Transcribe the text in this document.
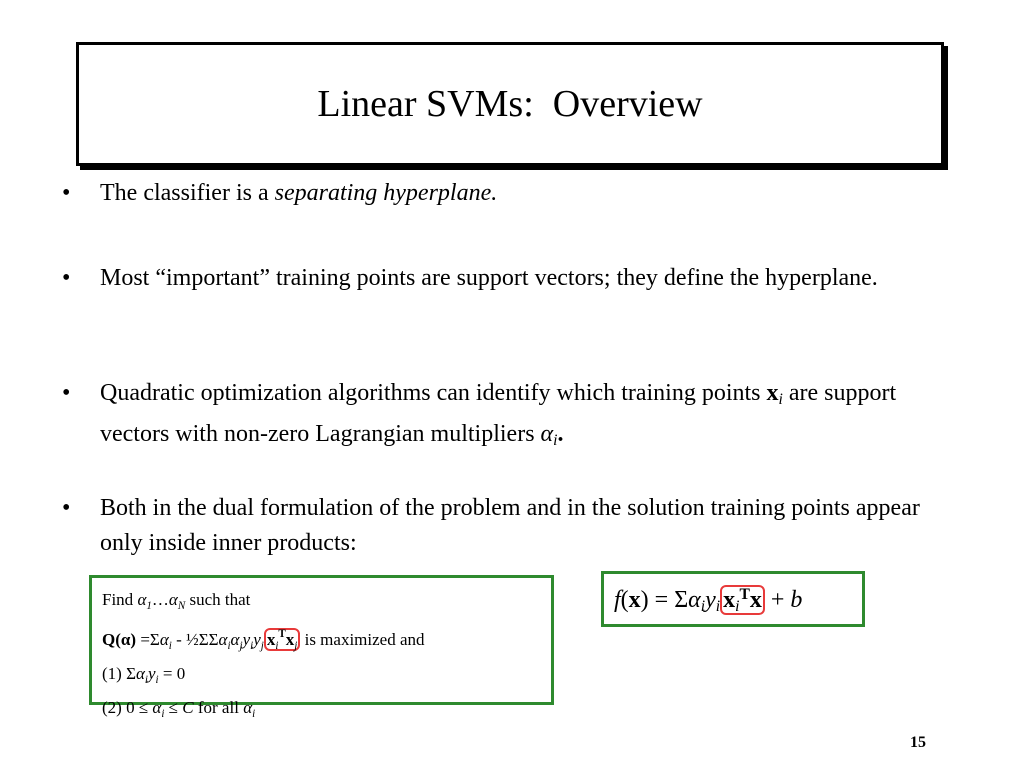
Linear SVMs:  Overview
• The classifier is a separating hyperplane.
• Most “important” training points are support vectors; they define the hyperplane.
• Quadratic optimization algorithms can identify which training points $x_i$ are support vectors with non-zero Lagrangian multipliers $\alpha_i$.
• Both in the dual formulation of the problem and in the solution training points appear only inside inner products:
Find $\alpha_1\dots\alpha_N$ such that
$Q(\alpha) =\Sigma\alpha_i$ - $\frac{1}{2}\Sigma\Sigma\alpha_i\alpha_jy_iy_j$ $x_i^Tx_j$ is maximized and
(1) $\Sigma\alpha_iy_i = 0$
(2) $0 \le \alpha_i \le C$ for all $\alpha_i$
$f(x) = \Sigma\alpha_iy_i$ $x_i^Tx + b$
15
